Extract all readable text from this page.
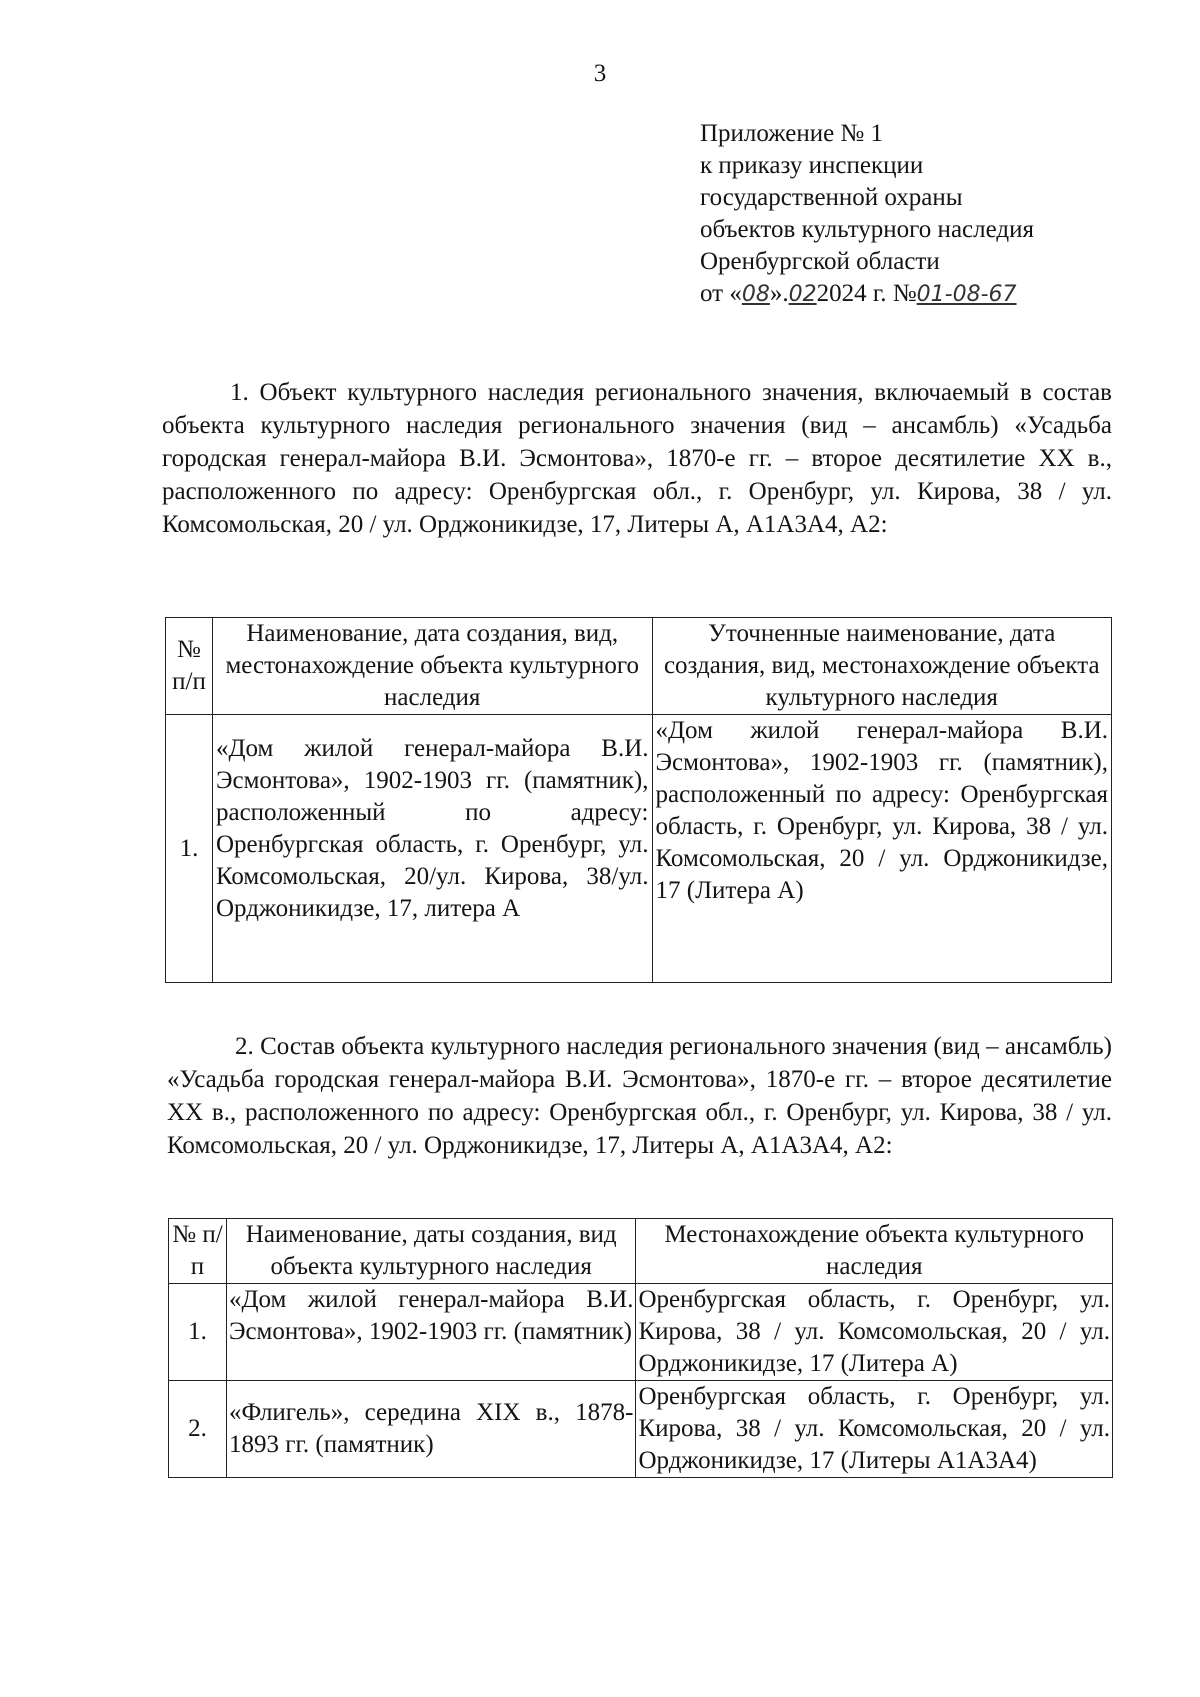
3
Приложение № 1
к приказу инспекции
государственной охраны
объектов культурного наследия
Оренбургской области
от «08».022024 г. №01-08-67

1. Объект культурного наследия регионального значения, включаемый в состав объекта культурного наследия регионального значения (вид – ансамбль) «Усадьба городская генерал-майора В.И. Эсмонтова», 1870-е гг. – второе десятилетие XX в., расположенного по адресу: Оренбургская обл., г. Оренбург, ул. Кирова, 38 / ул. Комсомольская, 20 / ул. Орджоникидзе, 17, Литеры А, А1А3А4, А2:

№ п/п	Наименование, дата создания, вид, местонахождение объекта культурного наследия	Уточненные наименование, дата создания, вид, местонахождение объекта культурного наследия
1.	«Дом жилой генерал-майора В.И. Эсмонтова», 1902-1903 гг. (памятник), расположенный по адресу: Оренбургская область, г. Оренбург, ул. Комсомольская, 20/ул. Кирова, 38/ул. Орджоникидзе, 17, литера А	«Дом жилой генерал-майора В.И. Эсмонтова», 1902-1903 гг. (памятник), расположенный по адресу: Оренбургская область, г. Оренбург, ул. Кирова, 38 / ул. Комсомольская, 20 / ул. Орджоникидзе, 17 (Литера А)

2. Состав объекта культурного наследия регионального значения (вид – ансамбль) «Усадьба городская генерал-майора В.И. Эсмонтова», 1870-е гг. – второе десятилетие XX в., расположенного по адресу: Оренбургская обл., г. Оренбург, ул. Кирова, 38 / ул. Комсомольская, 20 / ул. Орджоникидзе, 17, Литеры А, А1А3А4, А2:

№ п/п	Наименование, даты создания, вид объекта культурного наследия	Местонахождение объекта культурного наследия
1.	«Дом жилой генерал-майора В.И. Эсмонтова», 1902-1903 гг. (памятник)	Оренбургская область, г. Оренбург, ул. Кирова, 38 / ул. Комсомольская, 20 / ул. Орджоникидзе, 17 (Литера А)
2.	«Флигель», середина XIX в., 1878-1893 гг. (памятник)	Оренбургская область, г. Оренбург, ул. Кирова, 38 / ул. Комсомольская, 20 / ул. Орджоникидзе, 17 (Литеры А1А3А4)
